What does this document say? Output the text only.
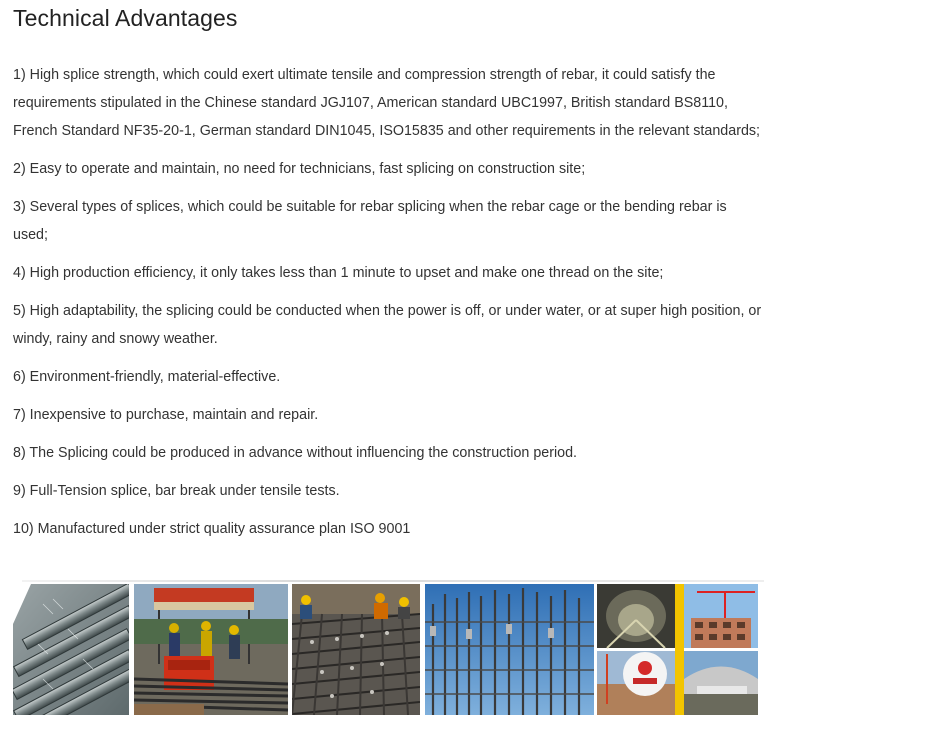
Technical Advantages

1) High splice strength, which could exert ultimate tensile and compression strength of rebar, it could satisfy the requirements stipulated in the Chinese standard JGJ107, American standard UBC1997, British standard BS8110, French Standard NF35-20-1, German standard DIN1045, ISO15835 and other requirements in the relevant standards;

2) Easy to operate and maintain, no need for technicians, fast splicing on construction site;

3) Several types of splices, which could be suitable for rebar splicing when the rebar cage or the bending rebar is used;

4) High production efficiency, it only takes less than 1 minute to upset and make one thread on the site;

5) High adaptability, the splicing could be conducted when the power is off, or under water, or at super high position, or windy, rainy and snowy weather.

6) Environment-friendly, material-effective.

7) Inexpensive to purchase, maintain and repair.

8) The Splicing could be produced in advance without influencing the construction period.

9) Full-Tension splice, bar break under tensile tests.

10) Manufactured under strict quality assurance plan ISO 9001
